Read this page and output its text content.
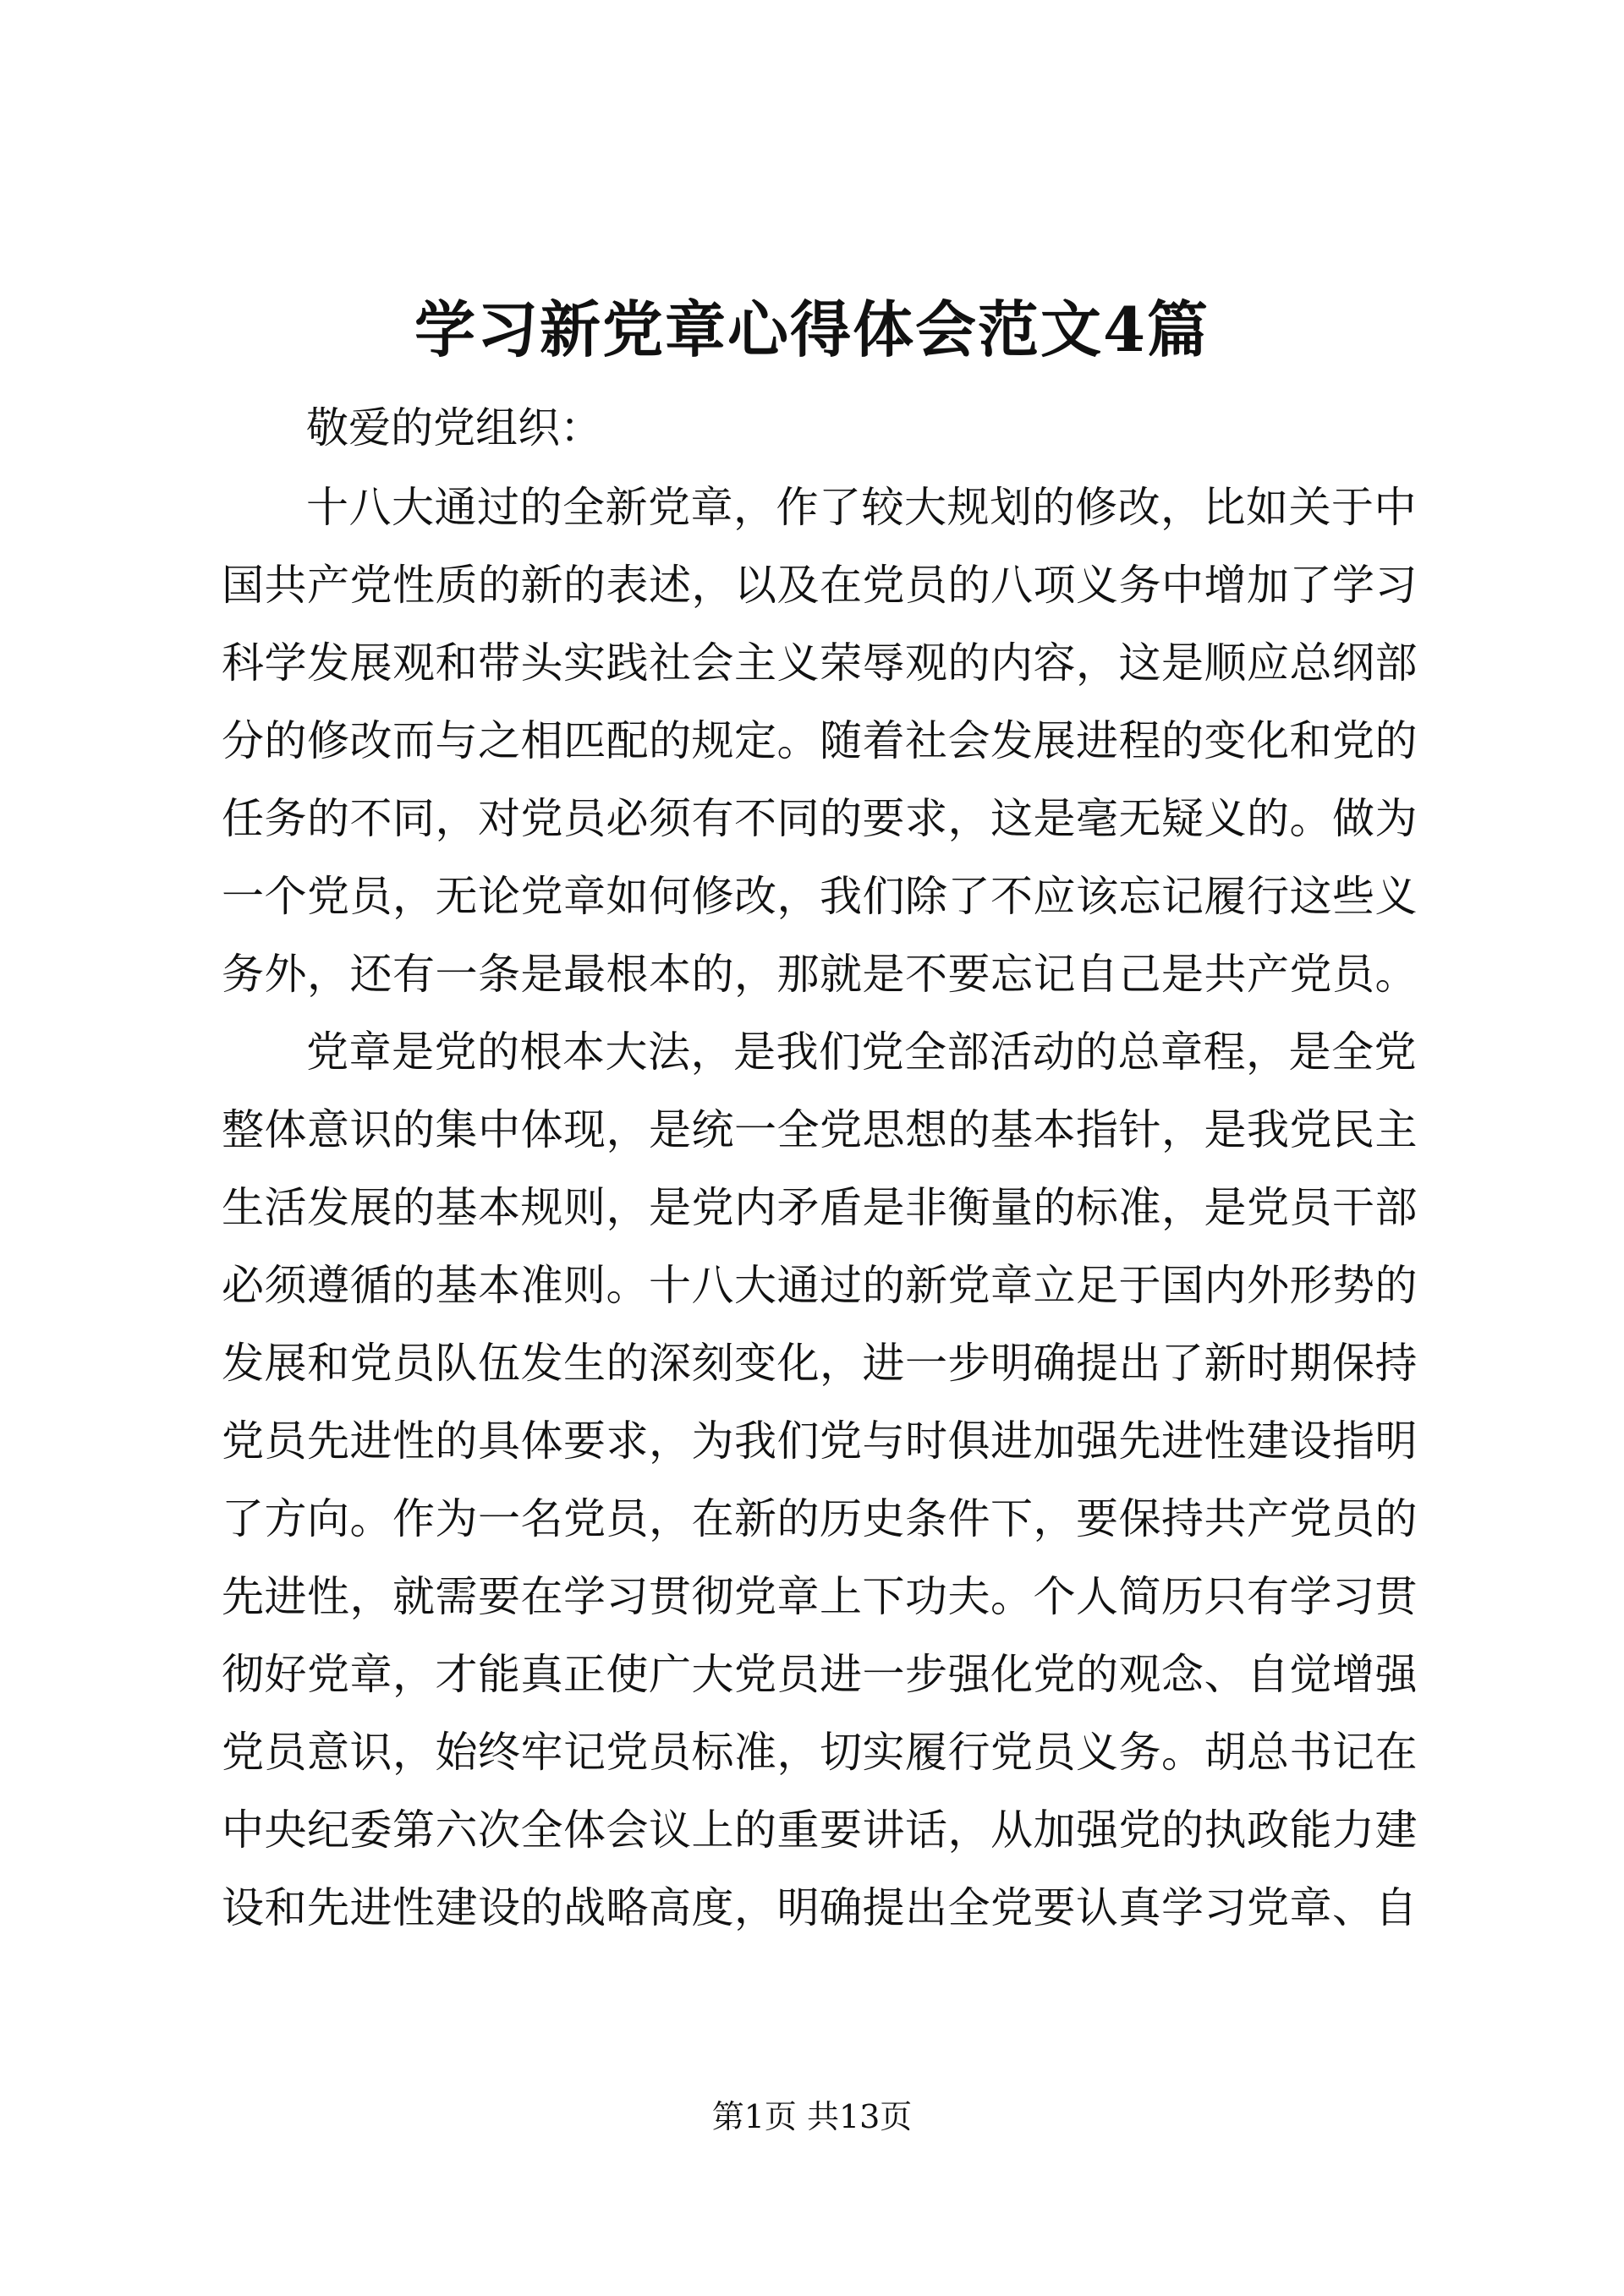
学习新党章心得体会范文4篇

敬爱的党组织：

十八大通过的全新党章，作了较大规划的修改，比如关于中
国共产党性质的新的表述，以及在党员的八项义务中增加了学习
科学发展观和带头实践社会主义荣辱观的内容，这是顺应总纲部
分的修改而与之相匹配的规定。随着社会发展进程的变化和党的
任务的不同，对党员必须有不同的要求，这是毫无疑义的。做为
一个党员，无论党章如何修改，我们除了不应该忘记履行这些义
务外，还有一条是最根本的，那就是不要忘记自己是共产党员。

党章是党的根本大法，是我们党全部活动的总章程，是全党
整体意识的集中体现，是统一全党思想的基本指针，是我党民主
生活发展的基本规则，是党内矛盾是非衡量的标准，是党员干部
必须遵循的基本准则。十八大通过的新党章立足于国内外形势的
发展和党员队伍发生的深刻变化，进一步明确提出了新时期保持
党员先进性的具体要求，为我们党与时俱进加强先进性建设指明
了方向。作为一名党员，在新的历史条件下，要保持共产党员的
先进性，就需要在学习贯彻党章上下功夫。个人简历只有学习贯
彻好党章，才能真正使广大党员进一步强化党的观念、自觉增强
党员意识，始终牢记党员标准，切实履行党员义务。胡总书记在
中央纪委第六次全体会议上的重要讲话，从加强党的执政能力建
设和先进性建设的战略高度，明确提出全党要认真学习党章、自

第1页 共13页
